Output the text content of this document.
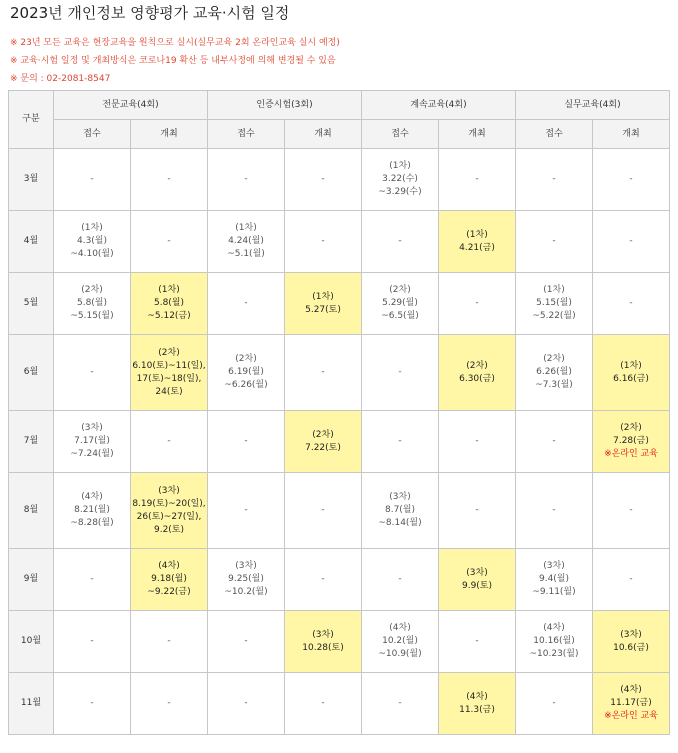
2023년 개인정보 영향평가 교육·시험 일정
※ 23년 모든 교육은 현장교육을 원칙으로 실시(실무교육 2회 온라인교육 실시 예정)
※ 교육·시험 일정 및 개최방식은 코로나19 확산 등 내부사정에 의해 변경될 수 있음
※ 문의 : 02-2081-8547
구분	전문교육(4회)		인증시험(3회)		계속교육(4회)		실무교육(4회)	
	접수	개최	접수	개최	접수	개최	접수	개최
3월	-	-	-	-	(1차)
3.22(수)
~3.29(수)	-	-	-

4월	(1차)
4.3(월)
~4.10(월)	-	(1차)
4.24(월)
~5.1(월)	-	-	(1차)
4.21(금)	-	-

5월	(2차)
5.8(월)
~5.15(월)	(1차)
5.8(월)
~5.12(금)	-	(1차)
5.27(토)	(2차)
5.29(월)
~6.5(월)	-	(1차)
5.15(월)
~5.22(월)	-

6월	-	(2차)
6.10(토)~11(일),
17(토)~18(일),
24(토)	(2차)
6.19(월)
~6.26(월)	-	-	(2차)
6.30(금)	(2차)
6.26(월)
~7.3(월)	(1차)
6.16(금)

7월	(3차)
7.17(월)
~7.24(월)	-	-	(2차)
7.22(토)	-	-	-	(2차)
7.28(금)
※온라인 교육

8월	(4차)
8.21(월)
~8.28(월)	(3차)
8.19(토)~20(일),
26(토)~27(일),
9.2(토)	-	-	(3차)
8.7(월)
~8.14(월)	-	-	-

9월	-	(4차)
9.18(월)
~9.22(금)	(3차)
9.25(월)
~10.2(월)	-	-	(3차)
9.9(토)	(3차)
9.4(월)
~9.11(월)	-

10월	-	-	-	(3차)
10.28(토)	(4차)
10.2(월)
~10.9(월)	-	(4차)
10.16(월)
~10.23(월)	(3차)
10.6(금)

11월	-	-	-	-	-	(4차)
11.3(금)	-	(4차)
11.17(금)
※온라인 교육
